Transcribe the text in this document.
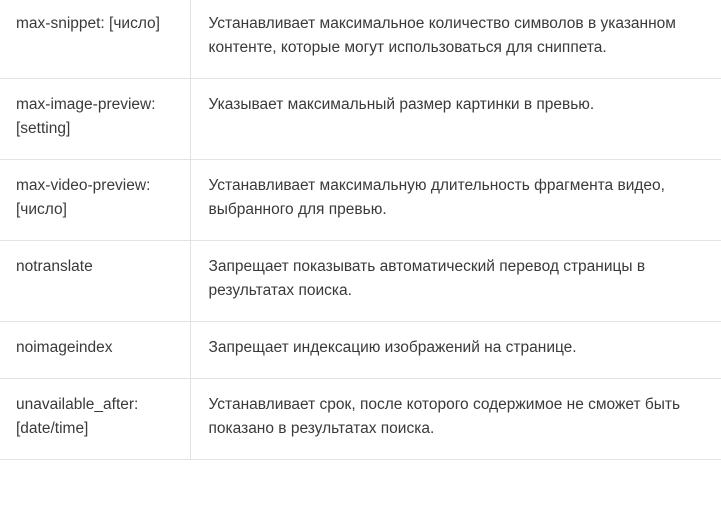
max-snippet: [число]	Устанавливает максимальное количество символов в указанном контенте, которые могут использоваться для сниппета.
max-image-preview: [setting]	Указывает максимальный размер картинки в превью.
max-video-preview: [число]	Устанавливает максимальную длительность фрагмента видео, выбранного для превью.
notranslate	Запрещает показывать автоматический перевод страницы в результатах поиска.
noimageindex	Запрещает индексацию изображений на странице.
unavailable_after: [date/time]	Устанавливает срок, после которого содержимое не сможет быть показано в результатах поиска.
